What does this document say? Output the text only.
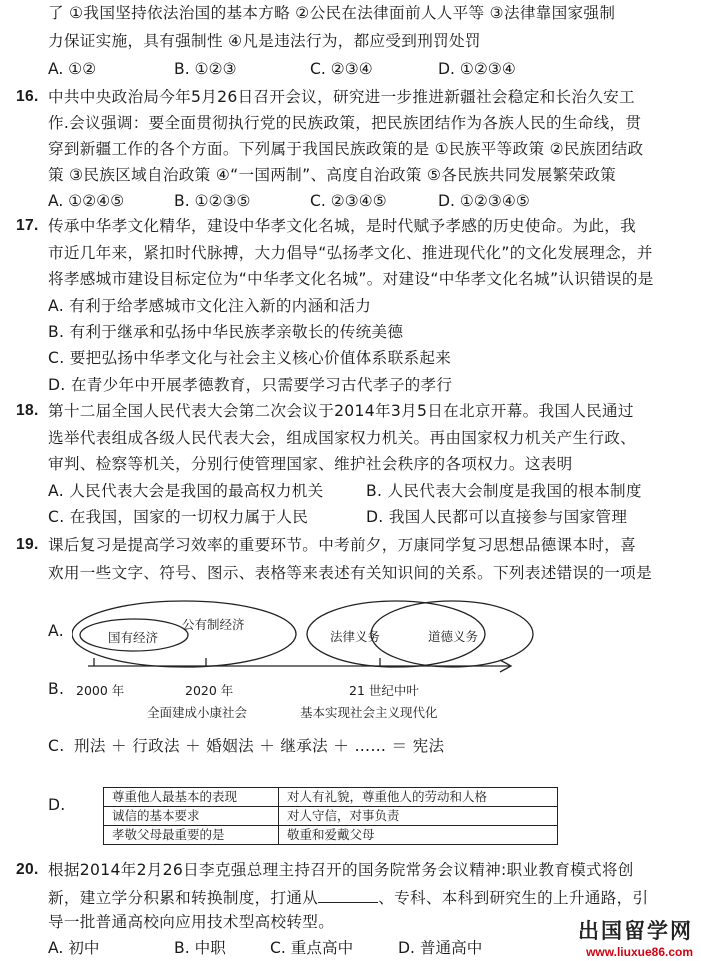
了 ①我国坚持依法治国的基本方略 ②公民在法律面前人人平等 ③法律靠国家强制
力保证实施，具有强制性 ④凡是违法行为，都应受到刑罚处罚
A. ①②	B. ①②③	C. ②③④	D. ①②③④
16. 中共中央政治局今年5月26日召开会议，研究进一步推进新疆社会稳定和长治久安工
作.会议强调：要全面贯彻执行党的民族政策，把民族团结作为各族人民的生命线，贯
穿到新疆工作的各个方面。下列属于我国民族政策的是 ①民族平等政策 ②民族团结政
策 ③民族区域自治政策 ④“一国两制”、高度自治政策 ⑤各民族共同发展繁荣政策
A. ①②④⑤	B. ①②③⑤	C. ②③④⑤	D. ①②③④⑤
17. 传承中华孝文化精华，建设中华孝文化名城，是时代赋予孝感的历史使命。为此，我
市近几年来，紧扣时代脉搏，大力倡导“弘扬孝文化、推进现代化”的文化发展理念，并
将孝感城市建设目标定位为“中华孝文化名城”。对建设“中华孝文化名城”认识错误的是
A. 有利于给孝感城市文化注入新的内涵和活力
B. 有利于继承和弘扬中华民族孝亲敬长的传统美德
C. 要把弘扬中华孝文化与社会主义核心价值体系联系起来
D. 在青少年中开展孝德教育，只需要学习古代孝子的孝行
18. 第十二届全国人民代表大会第二次会议于2014年3月5日在北京开幕。我国人民通过
选举代表组成各级人民代表大会，组成国家权力机关。再由国家权力机关产生行政、
审判、检察等机关，分别行使管理国家、维护社会秩序的各项权力。这表明
A. 人民代表大会是我国的最高权力机关	B. 人民代表大会制度是我国的根本制度
C. 在我国，国家的一切权力属于人民	D. 我国人民都可以直接参与国家管理
19. 课后复习是提高学习效率的重要环节。中考前夕，万康同学复习思想品德课本时，喜
欢用一些文字、符号、图示、表格等来表述有关知识间的关系。下列表述错误的一项是
A.	国有经济
公有制经济
法律义务	道德义务
B. 2000 年	2020 年	21 世纪中叶
全面建成小康社会	基本实现社会主义现代化
C. 刑法 ＋ 行政法 ＋ 婚姻法 ＋ 继承法 ＋ …… ＝ 宪法
D.	尊重他人最基本的表现	对人有礼貌，尊重他人的劳动和人格
诚信的基本要求	对人守信，对事负责
孝敬父母最重要的是	敬重和爱戴父母
20. 根据2014年2月26日李克强总理主持召开的国务院常务会议精神:职业教育模式将创
新，建立学分积累和转换制度，打通从	、专科、本科到研究生的上升通路，引
导一批普通高校向应用技术型高校转型。
A. 初中	B. 中职	C. 重点高中	D. 普通高中
出国留学网
www.liuxue86.com
